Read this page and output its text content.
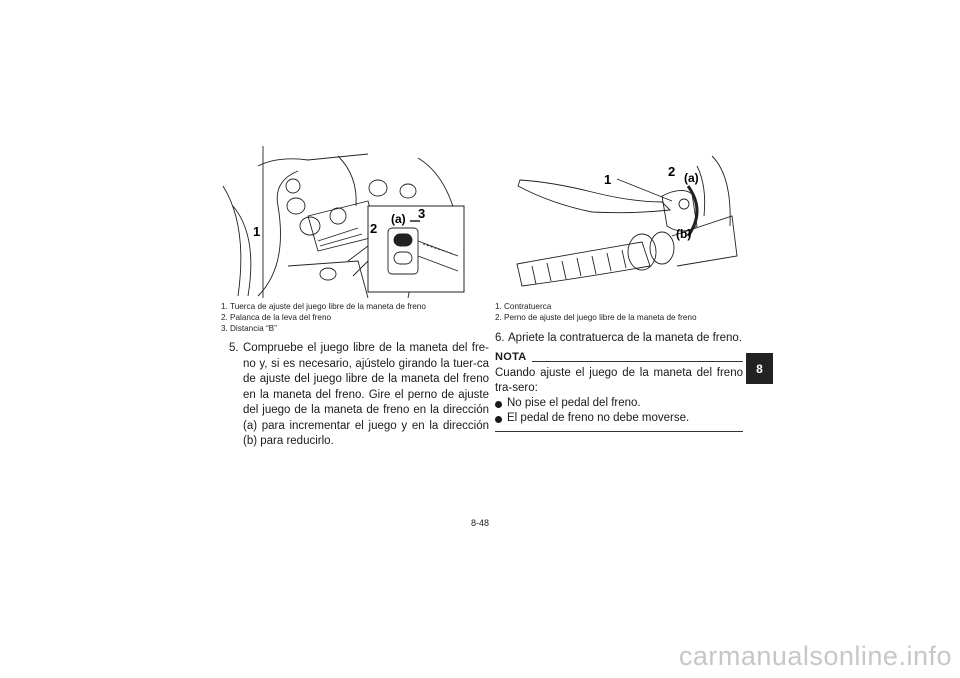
1	2
(a) 3
1
2 (a)
(b)
1. Tuerca de ajuste del juego libre de la maneta de freno
2. Palanca de la leva del freno
3. Distancia “B”
1. Contratuerca
2. Perno de ajuste del juego libre de la maneta de freno
5. Compruebe el juego libre de la maneta del fre-no y, si es necesario, ajústelo girando la tuer-ca de ajuste del juego libre de la maneta del freno en la maneta del freno. Gire el perno de ajuste del juego de la maneta de freno en la dirección (a) para incrementar el juego y en la dirección (b) para reducirlo.
6. Apriete la contratuerca de la maneta de freno.
NOTA
Cuando ajuste el juego de la maneta del freno tra-sero:
No pise el pedal del freno.
El pedal de freno no debe moverse.
8
8-48
carmanualsonline.info
